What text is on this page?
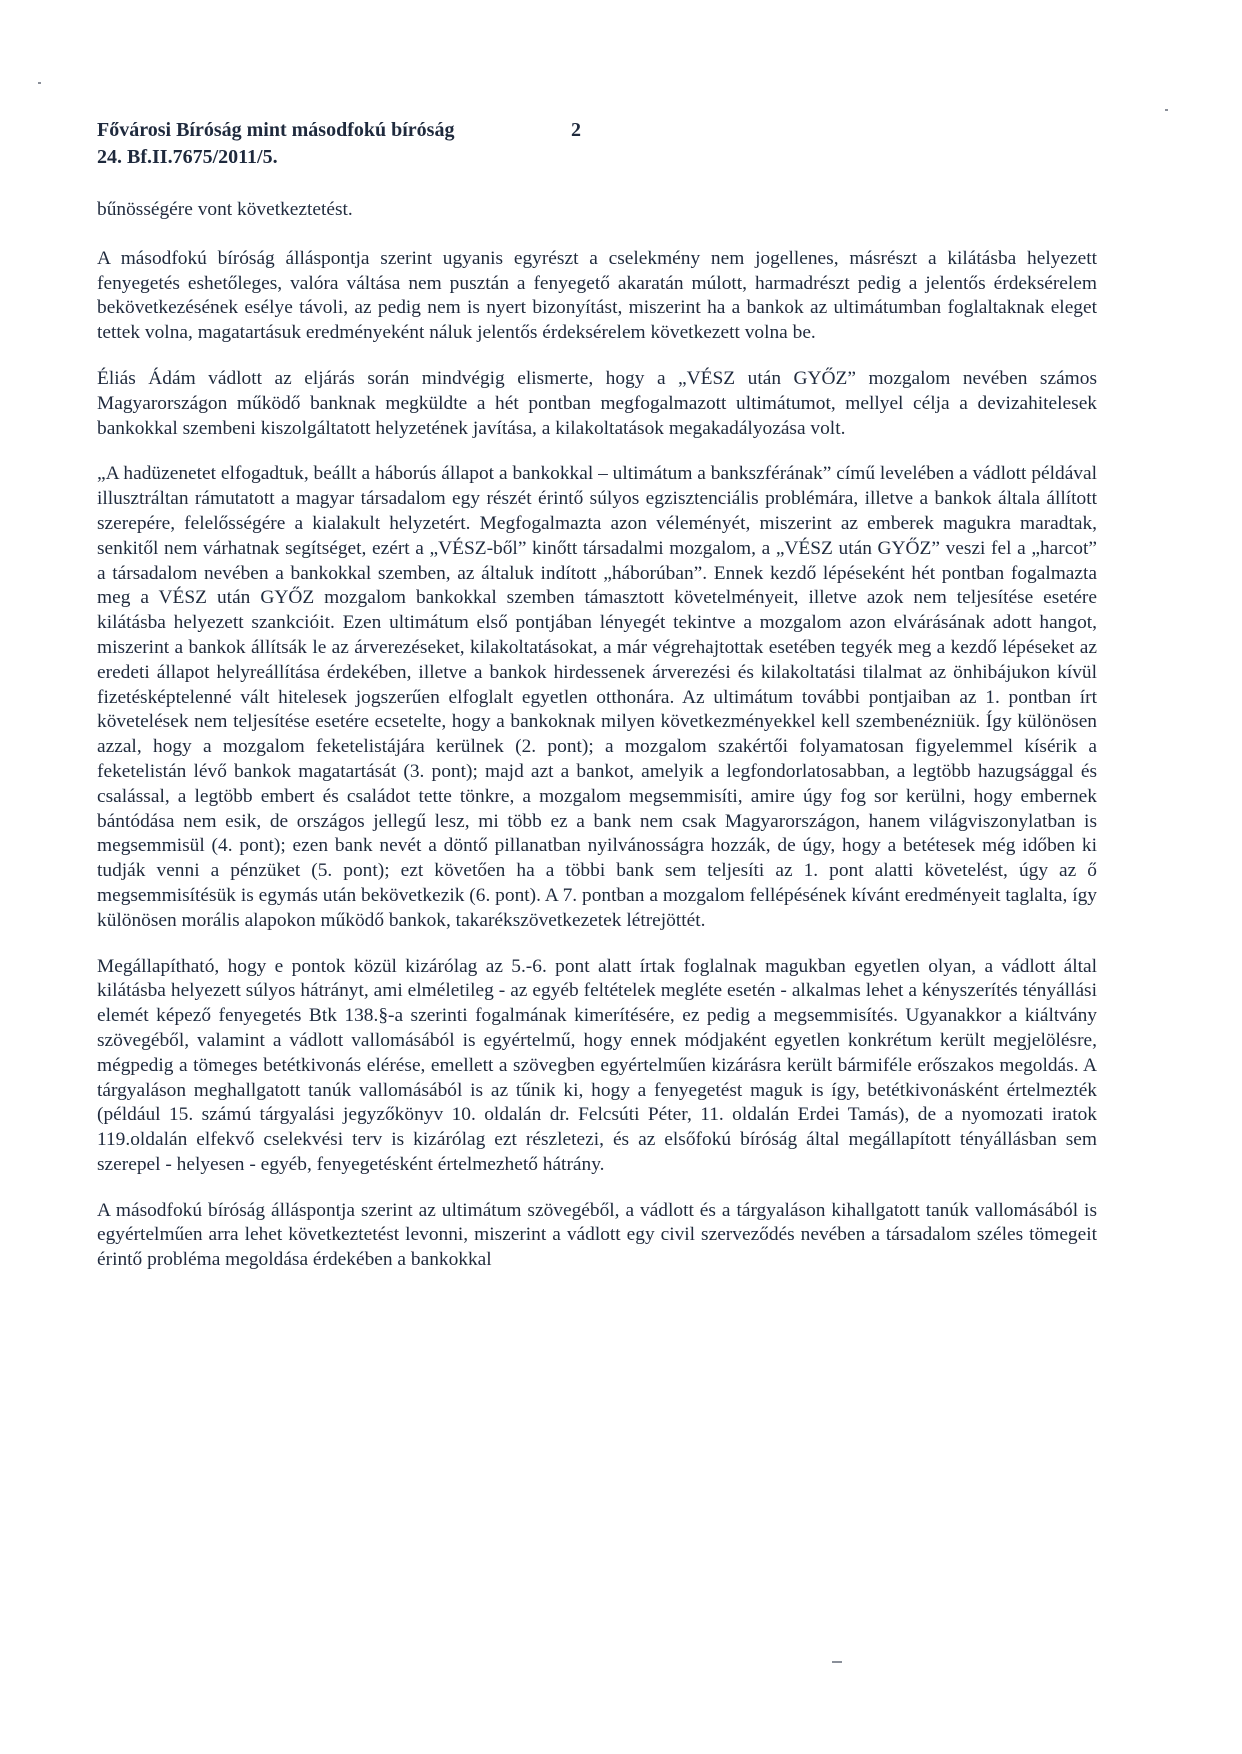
Fővárosi Bíróság mint másodfokú bíróság	2
24. Bf.II.7675/2011/5.

bűnösségére vont következtetést.

A másodfokú bíróság álláspontja szerint ugyanis egyrészt a cselekmény nem jogellenes, másrészt a kilátásba helyezett fenyegetés eshetőleges, valóra váltása nem pusztán a fenyegető akaratán múlott, harmadrészt pedig a jelentős érdeksérelem bekövetkezésének esélye távoli, az pedig nem is nyert bizonyítást, miszerint ha a bankok az ultimátumban foglaltaknak eleget tettek volna, magatartásuk eredményeként náluk jelentős érdeksérelem következett volna be.

Éliás Ádám vádlott az eljárás során mindvégig elismerte, hogy a „VÉSZ után GYŐZ” mozgalom nevében számos Magyarországon működő banknak megküldte a hét pontban megfogalmazott ultimátumot, mellyel célja a devizahitelesek bankokkal szembeni kiszolgáltatott helyzetének javítása, a kilakoltatások megakadályozása volt.

„A hadüzenetet elfogadtuk, beállt a háborús állapot a bankokkal – ultimátum a bankszférának” című levelében a vádlott példával illusztráltan rámutatott a magyar társadalom egy részét érintő súlyos egzisztenciális problémára, illetve a bankok általa állított szerepére, felelősségére a kialakult helyzetért. Megfogalmazta azon véleményét, miszerint az emberek magukra maradtak, senkitől nem várhatnak segítséget, ezért a „VÉSZ-ből” kinőtt társadalmi mozgalom, a „VÉSZ után GYŐZ” veszi fel a „harcot” a társadalom nevében a bankokkal szemben, az általuk indított „háborúban”. Ennek kezdő lépéseként hét pontban fogalmazta meg a VÉSZ után GYŐZ mozgalom bankokkal szemben támasztott követelményeit, illetve azok nem teljesítése esetére kilátásba helyezett szankcióit. Ezen ultimátum első pontjában lényegét tekintve a mozgalom azon elvárásának adott hangot, miszerint a bankok állítsák le az árverezéseket, kilakoltatásokat, a már végrehajtottak esetében tegyék meg a kezdő lépéseket az eredeti állapot helyreállítása érdekében, illetve a bankok hirdessenek árverezési és kilakoltatási tilalmat az önhibájukon kívül fizetésképtelenné vált hitelesek jogszerűen elfoglalt egyetlen otthonára. Az ultimátum további pontjaiban az 1. pontban írt követelések nem teljesítése esetére ecsetelte, hogy a bankoknak milyen következményekkel kell szembenézniük. Így különösen azzal, hogy a mozgalom feketelistájára kerülnek (2. pont); a mozgalom szakértői folyamatosan figyelemmel kísérik a feketelistán lévő bankok magatartását (3. pont); majd azt a bankot, amelyik a legfondorlatosabban, a legtöbb hazugsággal és csalással, a legtöbb embert és családot tette tönkre, a mozgalom megsemmisíti, amire úgy fog sor kerülni, hogy embernek bántódása nem esik, de országos jellegű lesz, mi több ez a bank nem csak Magyarországon, hanem világviszonylatban is megsemmisül (4. pont); ezen bank nevét a döntő pillanatban nyilvánosságra hozzák, de úgy, hogy a betétesek még időben ki tudják venni a pénzüket (5. pont); ezt követően ha a többi bank sem teljesíti az 1. pont alatti követelést, úgy az ő megsemmisítésük is egymás után bekövetkezik (6. pont). A 7. pontban a mozgalom fellépésének kívánt eredményeit taglalta, így különösen morális alapokon működő bankok, takarékszövetkezetek létrejöttét.

Megállapítható, hogy e pontok közül kizárólag az 5.-6. pont alatt írtak foglalnak magukban egyetlen olyan, a vádlott által kilátásba helyezett súlyos hátrányt, ami elméletileg - az egyéb feltételek megléte esetén - alkalmas lehet a kényszerítés tényállási elemét képező fenyegetés Btk 138.§-a szerinti fogalmának kimerítésére, ez pedig a megsemmisítés. Ugyanakkor a kiáltvány szövegéből, valamint a vádlott vallomásából is egyértelmű, hogy ennek módjaként egyetlen konkrétum került megjelölésre, mégpedig a tömeges betétkivonás elérése, emellett a szövegben egyértelműen kizárásra került bármiféle erőszakos megoldás. A tárgyaláson meghallgatott tanúk vallomásából is az tűnik ki, hogy a fenyegetést maguk is így, betétkivonásként értelmezték (például 15. számú tárgyalási jegyzőkönyv 10. oldalán dr. Felcsúti Péter, 11. oldalán Erdei Tamás), de a nyomozati iratok 119.oldalán elfekvő cselekvési terv is kizárólag ezt részletezi, és az elsőfokú bíróság által megállapított tényállásban sem szerepel - helyesen - egyéb, fenyegetésként értelmezhető hátrány.

A másodfokú bíróság álláspontja szerint az ultimátum szövegéből, a vádlott és a tárgyaláson kihallgatott tanúk vallomásából is egyértelműen arra lehet következtetést levonni, miszerint a vádlott egy civil szerveződés nevében a társadalom széles tömegeit érintő probléma megoldása érdekében a bankokkal
